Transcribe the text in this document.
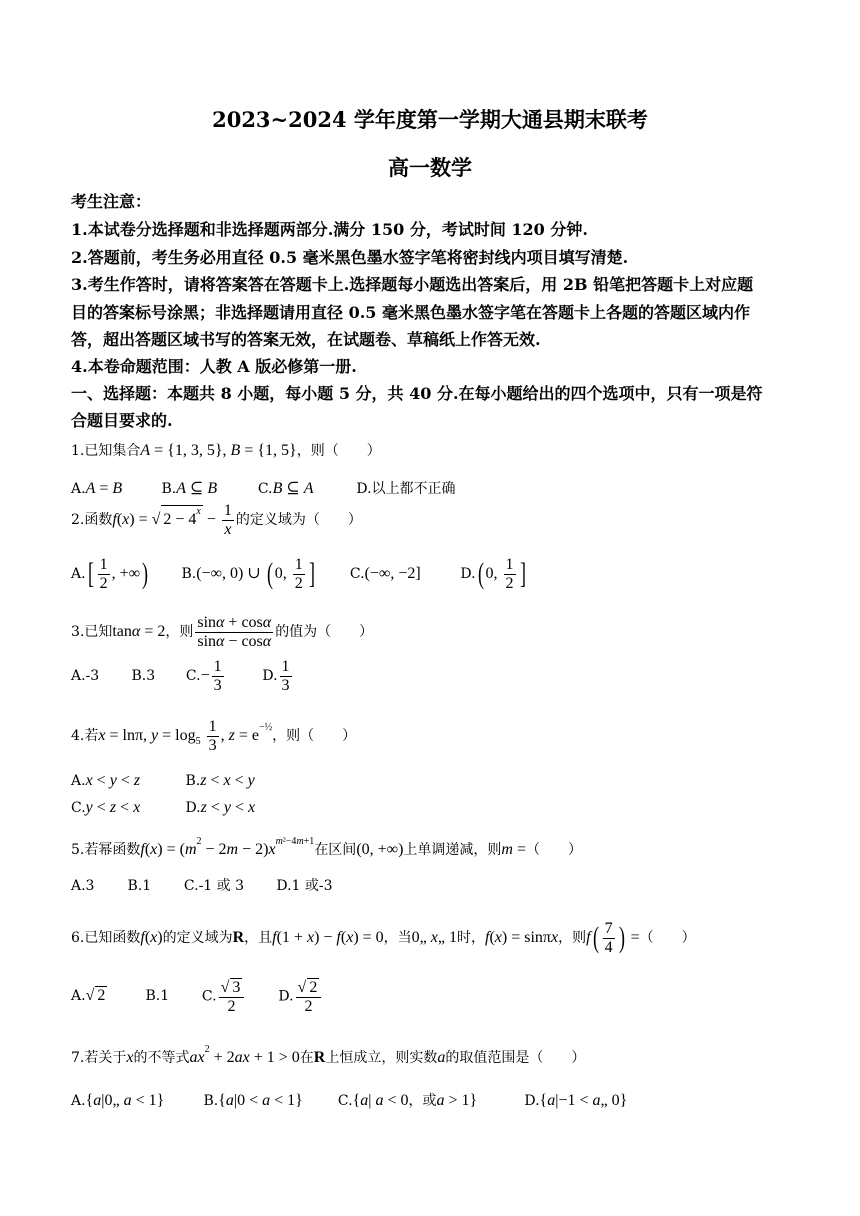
2023~2024 学年度第一学期大通县期末联考
高一数学
考生注意：
1.本试卷分选择题和非选择题两部分.满分 150 分，考试时间 120 分钟.
2.答题前，考生务必用直径 0.5 毫米黑色墨水签字笔将密封线内项目填写清楚.
3.考生作答时，请将答案答在答题卡上.选择题每小题选出答案后，用 2B 铅笔把答题卡上对应题
目的答案标号涂黑；非选择题请用直径 0.5 毫米黑色墨水签字笔在答题卡上各题的答题区域内作
答，超出答题区域书写的答案无效，在试题卷、草稿纸上作答无效.
4.本卷命题范围：人教 A 版必修第一册.
一、选择题：本题共 8 小题，每小题 5 分，共 40 分.在每小题给出的四个选项中，只有一项是符
合题目要求的.
1.已知集合A = {1, 3, 5}, B = {1, 5}，则（　　）
A.A = B	B.A ⊆ B	C.B ⊆ A	D.以上都不正确
2.函数f(x) = √ $2 - 4^x - \frac{1}{x}$ 的定义域为（　　）
$A.[ \frac{1}{2}$ , +∞) B.(−∞, 0) ∪ ( 0, $\frac{1}{2}$ ]	C.(−∞, −2]	D.( 0, $\frac{1}{2}$ ]
3.已知tanα = 2，则 $\frac{\sin\alpha + \cos\alpha}{\sin\alpha - \cos\alpha}$ 的值为（　　）
A.-3 B.3 $C.- \frac{1}{3}$	D. $\frac{1}{3}$
4.若x = lnπ, $y = \log_5 \frac{1}{3}$ , $z = e^{-\frac{1}{2}}$，则（　　）
A.x < y < z	B.z < x < y
C.y < z < x	D.z < y < x
5.若幂函数$f(x) = (m^2 - 2m - 2)x^{m^2-4m+1}$在区间(0, +∞)上单调递减，则m =（　　）
A.3 B.1 C.-1 或 3 D.1 或-3
6.已知函数f(x)的定义域为R，且f(1 + x) − f(x) = 0，当0„ x„ 1时，f(x) = sinπx，则$f( \frac{7}{4}$ ) =（　　）
A.√ 2	B.1 C. $\frac{√ 3}{2} D$. $\frac{√ 2}{2}$
7.若关于x的不等式$ax^2 + 2ax + 1 > 0$在R上恒成立，则实数a的取值范围是（　　）
A.{a|0„ a < 1}	B.{a|0 < a < 1}	C.{a| a < 0，或a > 1}	D.{a|−1 < a„ 0}
